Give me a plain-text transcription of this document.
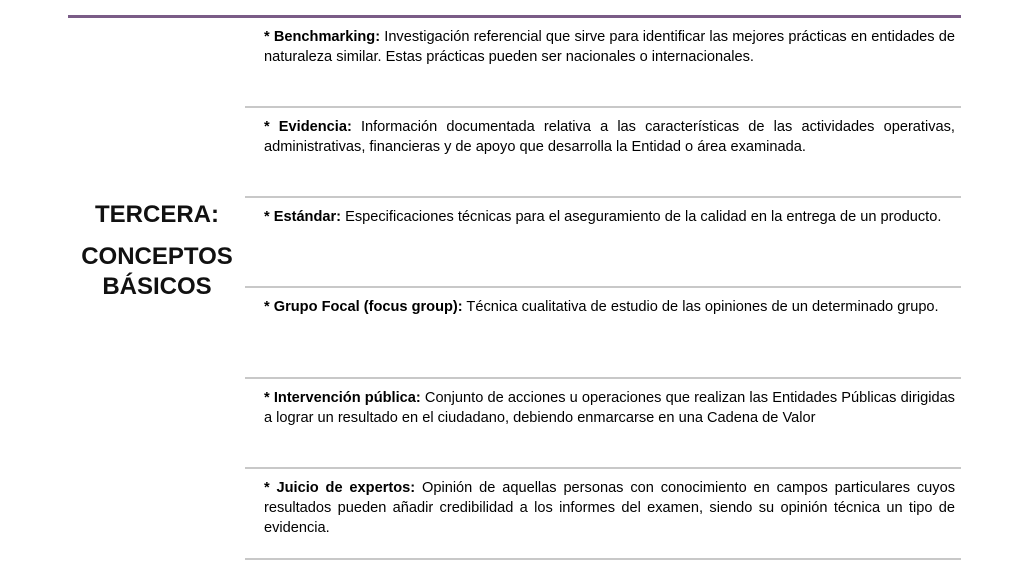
TERCERA:
CONCEPTOS BÁSICOS
* Benchmarking: Investigación referencial que sirve para identificar las mejores prácticas en entidades de naturaleza similar. Estas prácticas pueden ser nacionales o internacionales.
* Evidencia: Información documentada relativa a las características de las actividades operativas, administrativas, financieras y de apoyo que desarrolla la Entidad o área examinada.
* Estándar: Especificaciones técnicas para el aseguramiento de la calidad en la entrega de un producto.
* Grupo Focal (focus group): Técnica cualitativa de estudio de las opiniones de un determinado grupo.
* Intervención pública: Conjunto de acciones u operaciones que realizan las Entidades Públicas dirigidas a lograr un resultado en el ciudadano, debiendo enmarcarse en una Cadena de Valor
* Juicio de expertos: Opinión de aquellas personas con conocimiento en campos particulares cuyos resultados pueden añadir credibilidad a los informes del examen, siendo su opinión técnica un tipo de evidencia.
